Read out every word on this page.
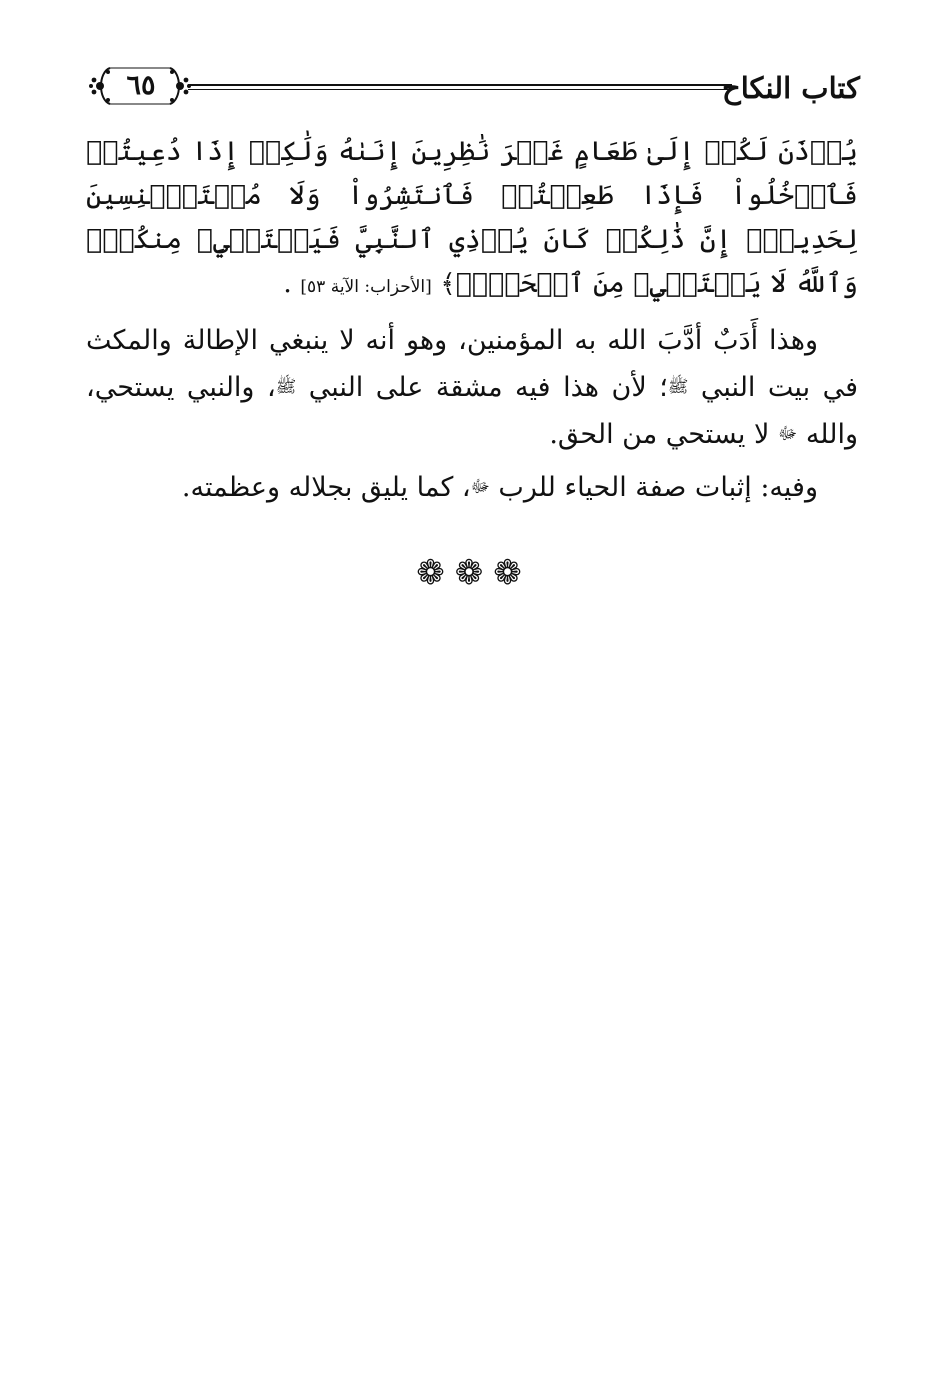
كتاب النكاح
٦٥

يُؤۡذَنَ لَكُمۡ إِلَىٰ طَعَامٍ غَيۡرَ نَٰظِرِينَ إِنَىٰهُ وَلَٰكِنۡ إِذَا دُعِيتُمۡ فَٱدۡخُلُواْ فَإِذَا طَعِمۡتُمۡ فَٱنتَشِرُواْ وَلَا مُسۡتَـٔۡنِسِينَ لِحَدِيثٍۚ إِنَّ ذَٰلِكُمۡ كَانَ يُؤۡذِي ٱلنَّبِيَّ فَيَسۡتَحۡيِۦ مِنكُمۡۖ وَٱللَّهُ لَا يَسۡتَحۡيِۦ مِنَ ٱلۡحَقِّۚ﴾ [الأحزاب: الآية ٥٣] .

وهذا أَدَبٌ أدَّبَ الله به المؤمنين، وهو أنه لا ينبغي الإطالة والمكث في بيت النبي ﷺ؛ لأن هذا فيه مشقة على النبي ﷺ، والنبي يستحي، والله ﷻ لا يستحي من الحق.

وفيه: إثبات صفة الحياء للرب ﷻ، كما يليق بجلاله وعظمته.

❁❁❁
